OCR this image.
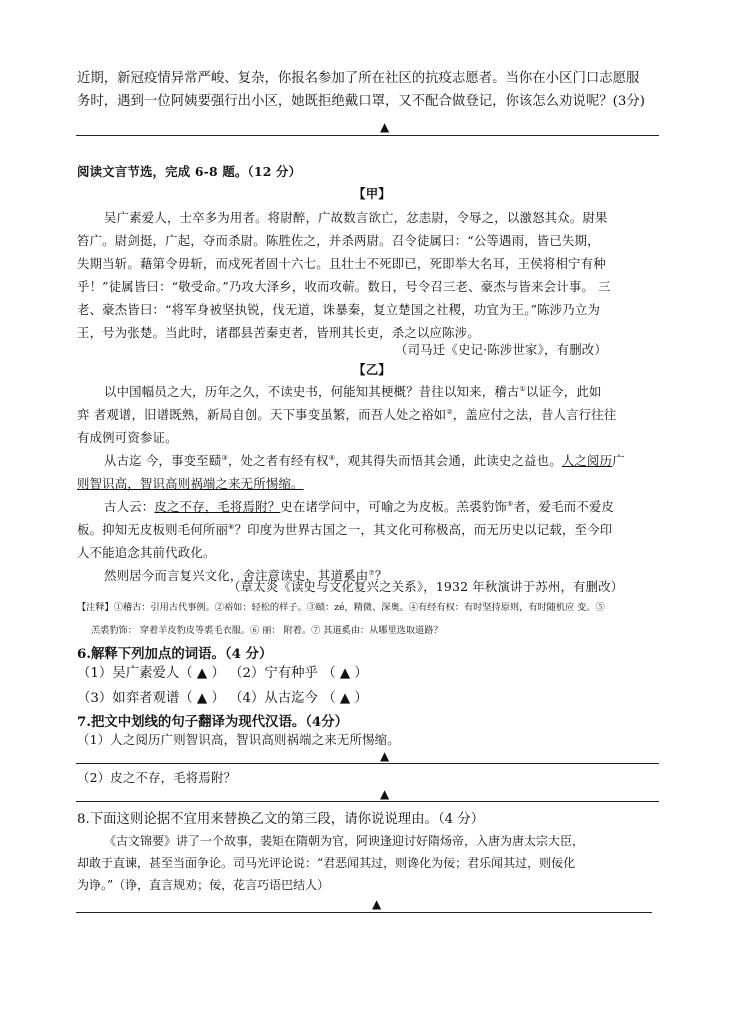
近期，新冠疫情异常严峻、复杂，你报名参加了所在社区的抗疫志愿者。当你在小区门口志愿服
务时，遇到一位阿姨要强行出小区，她既拒绝戴口罩，又不配合做登记，你该怎么劝说呢？(3分)
▲
阅读文言节选，完成 6-8 题。（12 分）
【甲】
吴广素爱人，士卒多为用者。将尉醉，广故数言欲亡，忿恚尉，令辱之，以激怒其众。尉果
笞广。尉剑挺，广起，夺而杀尉。陈胜佐之，并杀两尉。召令徒属曰：“公等遇雨，皆已失期，
失期当斩。藉第令毋斩，而戍死者固十六七。且壮士不死即已，死即举大名耳，王侯将相宁有种
乎！”徒属皆曰：“敬受命。”乃攻大泽乡，收而攻蕲。数日，号令召三老、豪杰与皆来会计事。 三
老、豪杰皆曰：“将军身被坚执锐，伐无道，诛暴秦，复立楚国之社稷，功宜为王。”陈涉乃立为
王，号为张楚。当此时，诸郡县苦秦吏者，皆刑其长吏，杀之以应陈涉。
（司马迁《史记·陈涉世家》，有删改）
【乙】
以中国幅员之大，历年之久，不读史书，何能知其梗概？昔往以知来，稽古①以证今，此如
弈 者观谱，旧谱既熟，新局自创。天下事变虽繁，而吾人处之裕如②，盖应付之法，昔人言行往往
有成例可资参证。
从古迄 今，事变至赜③，处之者有经有权④，观其得失而悟其会通，此读史之益也。人之阅历广
则智识高，智识高则祸端之来无所惕缩。
古人云：皮之不存，毛将焉附？史在诸学问中，可喻之为皮板。羔裘豹饰⑤者，爱毛而不爱皮
板。抑知无皮板则毛何所丽⑥？印度为世界古国之一，其文化可称极高，而无历史以记载，至今印
人不能追念其前代政化。
然则居今而言复兴文化，舍注意读史，其道奚由⑦？
（章太炎《读史与文化复兴之关系》，1932 年秋演讲于苏州，有删改）
【注释】①稽古：引用古代事例。②裕如：轻松的样子。③赜：zé，精微、深奥。④有经有权：有时坚持原则，有时随机应 变。⑤
羔裘豹饰： 穿着羊皮豹皮等裘毛衣服。⑥ 丽： 附着。⑦ 其道奚由：从哪里选取道路？
6.解释下列加点的词语。（4 分）
（1）吴广素爱人（ ▲ ） （2）宁有种乎 （ ▲ ）
（3）如弈者观谱（ ▲ ） （4）从古迄今 （ ▲ ）
7.把文中划线的句子翻译为现代汉语。（4分）
（1）人之阅历广则智识高，智识高则祸端之来无所惕缩。
▲
（2）皮之不存，毛将焉附？
▲
8.下面这则论据不宜用来替换乙文的第三段，请你说说理由。（4 分）
《古文锦要》讲了一个故事，裴矩在隋朝为官，阿谀逢迎讨好隋炀帝，入唐为唐太宗大臣，
却敢于直谏，甚至当面争论。司马光评论说：“君恶闻其过，则谗化为佞；君乐闻其过，则佞化
为诤。”（诤，直言规劝；佞，花言巧语巴结人）
▲
